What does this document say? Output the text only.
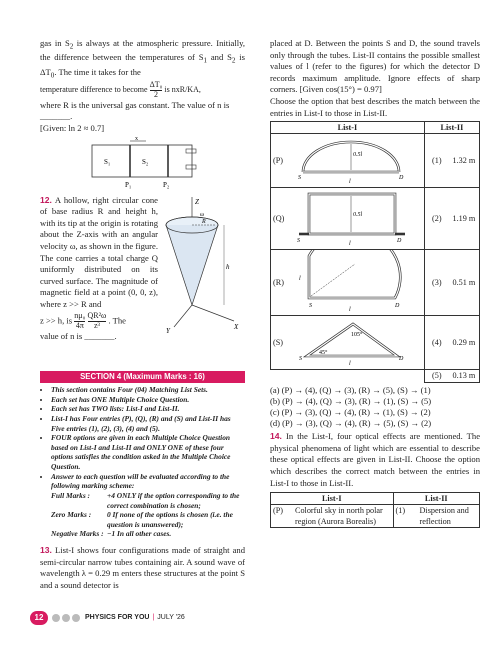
gas in $S_2$ is always at the atmospheric pressure. Initially, the difference between the temperatures of $S_1$ and $S_2$ is $\Delta T_0$. The time it takes for the

temperature difference to become $\frac{\text{ΔT₀}}{2}$ is nxR/KA,

where R is the universal gas constant. The value of n is _______.

[Given: ln 2 ≈ 0.7]

x
S₁	S₂
P₁	P₂
12. A hollow, right circular cone of base radius R and height h, with its tip at the origin is rotating about the Z-axis with an angular velocity ω, as shown in the figure. The cone carries a total charge Q uniformly distributed on its curved surface. The magnitude of magnetic field at a point (0, 0, z), where z >> R and
z >> h, is $\frac{\text{nμ₀}}{4\pi}$
$\frac{\text{QR²ω}}{\text{z³}}$ . The

value of n is _______.

Z
ω
R
h
X
Y
SECTION 4 (Maximum Marks : 16)
• This section contains Four (04) Matching List Sets.
• Each set has ONE Multiple Choice Question.
• Each set has TWO lists: List-I and List-II.
• List-I has Four entries (P), (Q), (R) and (S) and List-II has Five entries (1), (2), (3), (4) and (5).
• FOUR options are given in each Multiple Choice Question based on List-I and List-II and ONLY ONE of these four options satisfies the condition asked in the Multiple Choice Question.
• Answer to each question will be evaluated according to the following marking scheme:
Full Marks :	+4 ONLY if the option corresponding to the correct combination is chosen;
Zero Marks :	0 If none of the options is chosen (i.e. the question is unanswered);
Negative Marks : −1 In all other cases.

13. List-I shows four configurations made of straight and semi-circular narrow tubes containing air. A sound wave of wavelength λ = 0.29 m enters these structures at the point S and a sound detector is

placed at D. Between the points S and D, the sound travels only through the tubes. List-II contains the possible smallest values of l (refer to the figures) for which the detector D records maximum amplitude. Ignore effects of sharp corners. [Given cos(15°) = 0.97]

Choose the option that best describes the match between the entries in List-I to those in List-II.

List-I		List-II	
(P)	0.5l
S D
l	(1)	1.32 m
(Q)	0.5l
S D
l	(2)	1.19 m
(R)	l
S D
l	(3)	0.51 m
(S)	105°
45°
S D
l	(4)	0.29 m
		(5)	0.13 m

(a) (P) → (4), (Q) → (3), (R) → (5), (S) → (1)

(b) (P) → (4), (Q) → (3), (R) → (1), (S) → (5)

(c) (P) → (3), (Q) → (4), (R) → (1), (S) → (2)

(d) (P) → (3), (Q) → (4), (R) → (5), (S) → (2)

14. In the List-I, four optical effects are mentioned. The physical phenomena of light which are essential to describe these optical effects are given in List-II. Choose the option which describes the correct match between the entries in List-I to those in List-II.

List-I		List-II	
(P)	Colorful sky in north polar region (Aurora Borealis)	(1)	Dispersion and reflection
12	PHYSICS FOR YOU | JULY '26
